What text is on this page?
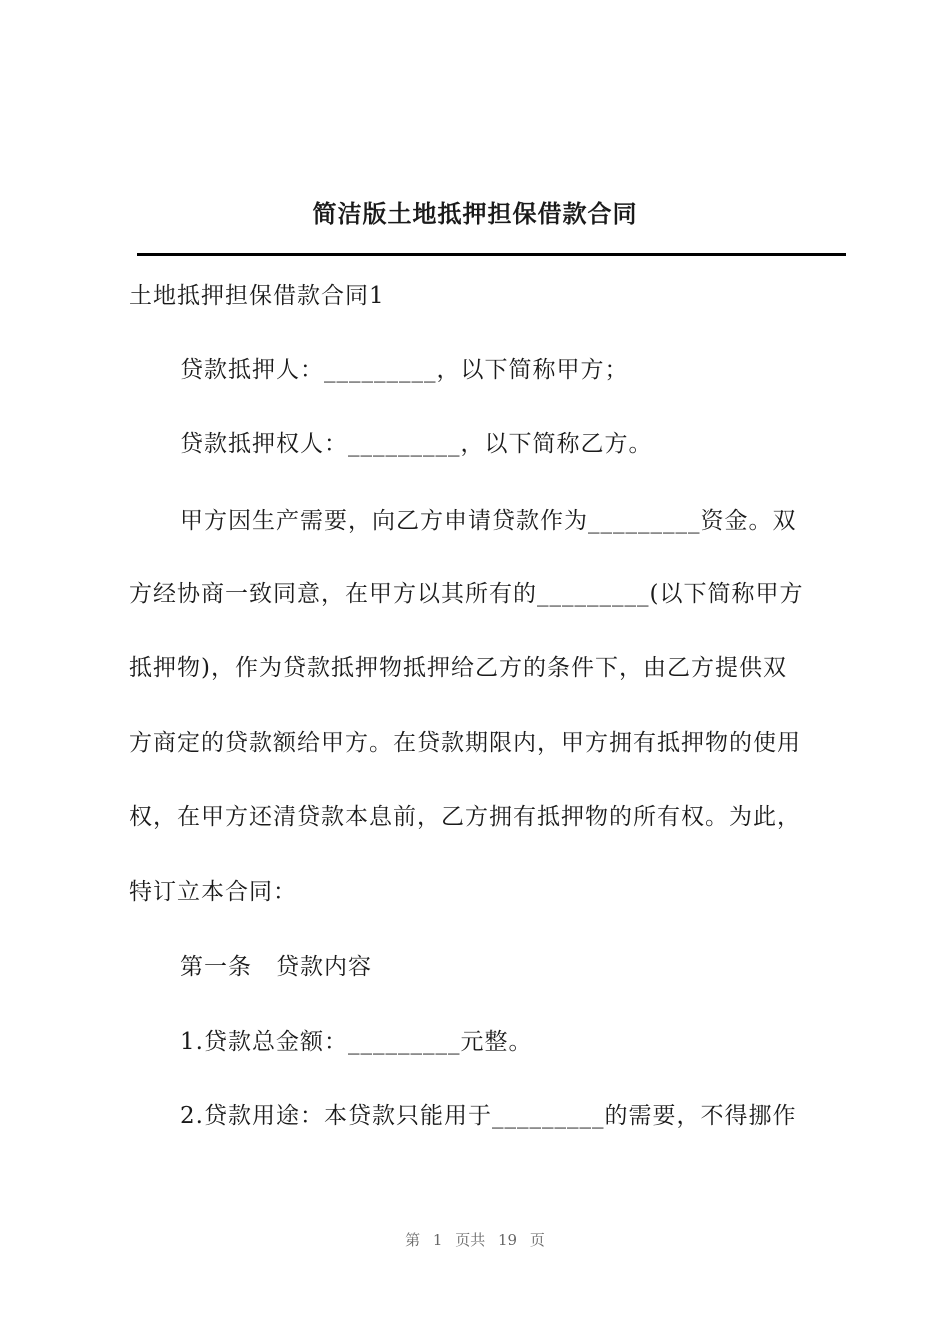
简洁版土地抵押担保借款合同
土地抵押担保借款合同1
贷款抵押人：_________，以下简称甲方；
贷款抵押权人：_________，以下简称乙方。
甲方因生产需要，向乙方申请贷款作为_________资金。双
方经协商一致同意，在甲方以其所有的_________(以下简称甲方
抵押物)，作为贷款抵押物抵押给乙方的条件下，由乙方提供双
方商定的贷款额给甲方。在贷款期限内，甲方拥有抵押物的使用
权，在甲方还清贷款本息前，乙方拥有抵押物的所有权。为此，
特订立本合同：
第一条　贷款内容
1.贷款总金额：_________元整。
2.贷款用途：本贷款只能用于_________的需要，不得挪作
第 1 页共 19 页
